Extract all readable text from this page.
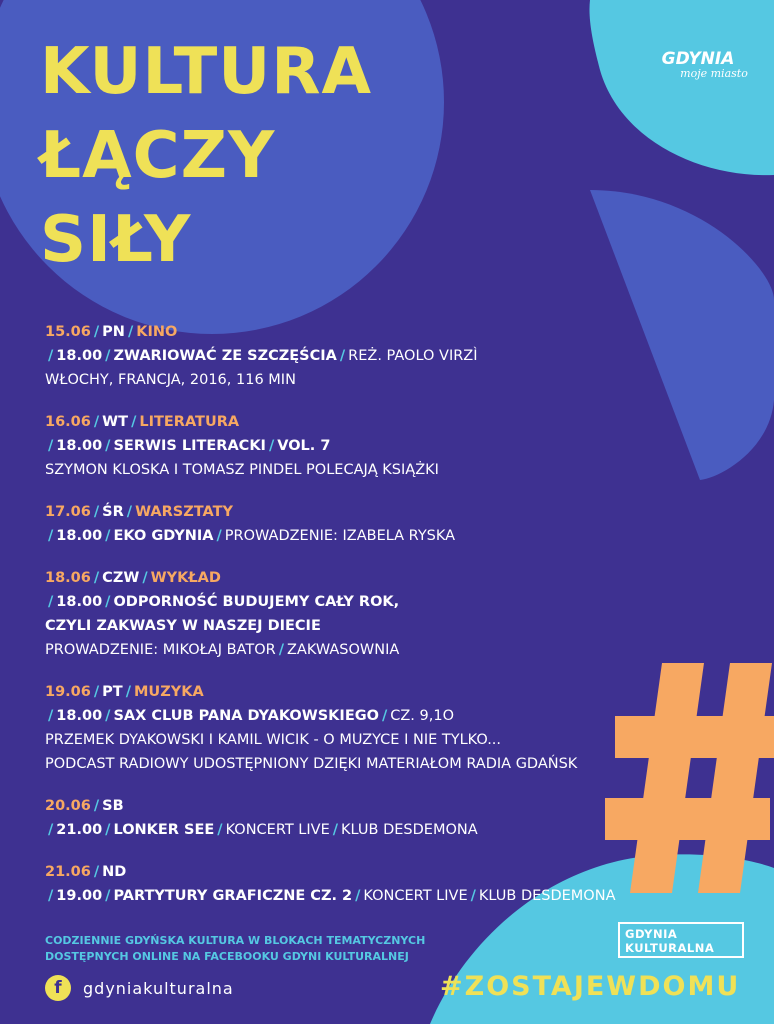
KULTURA
ŁĄCZY
SIŁY
GDYNIA
moje miasto
15.06 / PN / KINO
/ 18.00 / ZWARIOWAĆ ZE SZCZĘŚCIA / REŻ. PAOLO VIRZÌ
WŁOCHY, FRANCJA, 2016, 116 MIN
16.06 / WT / LITERATURA
/ 18.00 / SERWIS LITERACKI / VOL. 7
SZYMON KLOSKA I TOMASZ PINDEL POLECAJĄ KSIĄŻKI
17.06 / ŚR / WARSZTATY
/ 18.00 / EKO GDYNIA / PROWADZENIE: IZABELA RYSKA
18.06 / CZW / WYKŁAD
/ 18.00 / ODPORNOŚĆ BUDUJEMY CAŁY ROK,
CZYLI ZAKWASY W NASZEJ DIECIE
PROWADZENIE: MIKOŁAJ BATOR / ZAKWASOWNIA
19.06 / PT / MUZYKA
/ 18.00 / SAX CLUB PANA DYAKOWSKIEGO / CZ. 9,1O
PRZEMEK DYAKOWSKI I KAMIL WICIK - O MUZYCE I NIE TYLKO...
PODCAST RADIOWY UDOSTĘPNIONY DZIĘKI MATERIAŁOM RADIA GDAŃSK
20.06 / SB
/ 21.00 / LONKER SEE / KONCERT LIVE / KLUB DESDEMONA
21.06 / ND
/ 19.00 / PARTYTURY GRAFICZNE CZ. 2 / KONCERT LIVE / KLUB DESDEMONA
CODZIENNIE GDYŃSKA KULTURA W BLOKACH TEMATYCZNYCH
DOSTĘPNYCH ONLINE NA FACEBOOKU GDYNI KULTURALNEJ
f	gdyniakulturalna
GDYNIA
KULTURALNA
#ZOSTAJEWDOMU
